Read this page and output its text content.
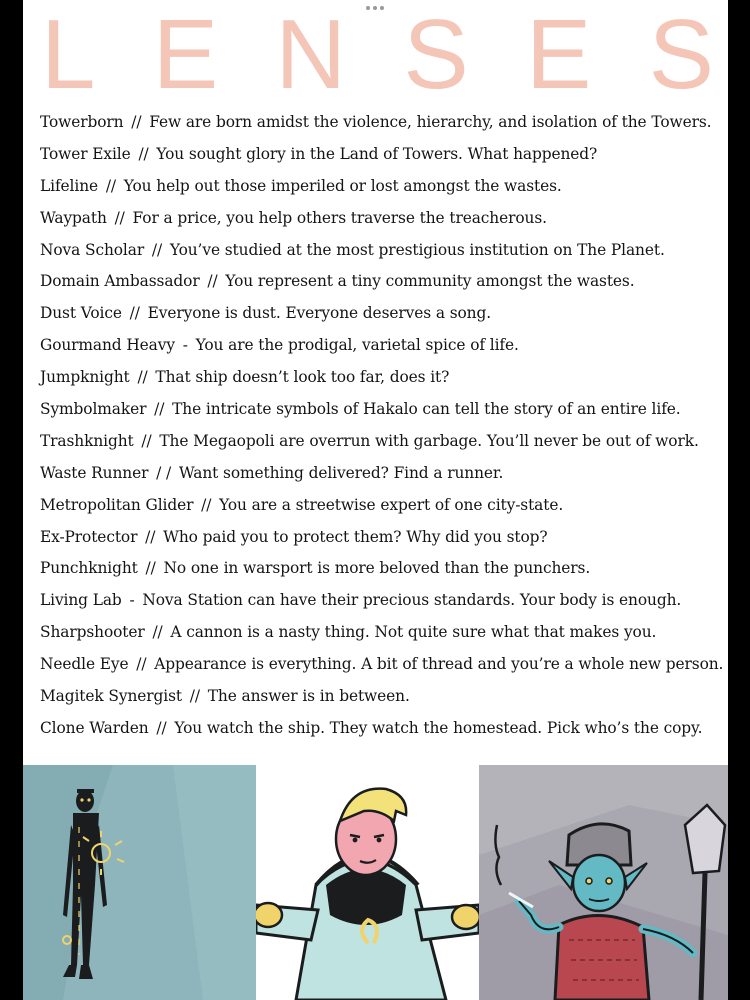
L E N S E S
Towerborn // Few are born amidst the violence, hierarchy, and isolation of the Towers.
Tower Exile // You sought glory in the Land of Towers. What happened?
Lifeline // You help out those imperiled or lost amongst the wastes.
Waypath // For a price, you help others traverse the treacherous.
Nova Scholar // You’ve studied at the most prestigious institution on The Planet.
Domain Ambassador // You represent a tiny community amongst the wastes.
Dust Voice // Everyone is dust. Everyone deserves a song.
Gourmand Heavy - You are the prodigal, varietal spice of life.
Jumpknight // That ship doesn’t look too far, does it?
Symbolmaker // The intricate symbols of Hakalo can tell the story of an entire life.
Trashknight // The Megaopoli are overrun with garbage. You’ll never be out of work.
Waste Runner / / Want something delivered? Find a runner.
Metropolitan Glider // You are a streetwise expert of one city-state.
Ex-Protector // Who paid you to protect them? Why did you stop?
Punchknight // No one in warsport is more beloved than the punchers.
Living Lab - Nova Station can have their precious standards. Your body is enough.
Sharpshooter // A cannon is a nasty thing. Not quite sure what that makes you.
Needle Eye // Appearance is everything. A bit of thread and you’re a whole new person.
Magitek Synergist // The answer is in between.
Clone Warden // You watch the ship. They watch the homestead. Pick who’s the copy.
